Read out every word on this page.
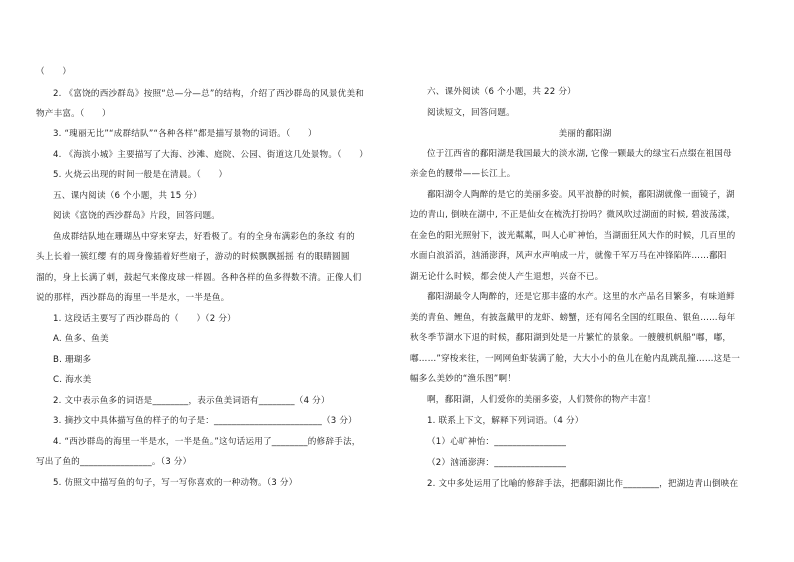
（　　）
2. 《富饶的西沙群岛》按照“总—分—总”的结构，介绍了西沙群岛的风景优美和
物产丰富。（　　）
3. “瑰丽无比”“成群结队”“各种各样”都是描写景物的词语。（　　）
4. 《海滨小城》主要描写了大海、沙滩、庭院、公园、街道这几处景物。（　　）
5. 火烧云出现的时间一般是在清晨。（　　）
五、课内阅读（6 个小题，共 15 分）
阅读《富饶的西沙群岛》片段，回答问题。
鱼成群结队地在珊瑚丛中穿来穿去，好看极了。有的全身布满彩色的条纹 有的
头上长着一簇红缨 有的周身像插着好些扇子，游动的时候飘飘摇摇 有的眼睛圆圆
溜的，身上长满了刺，鼓起气来像皮球一样圆。各种各样的鱼多得数不清。正像人们
说的那样，西沙群岛的海里一半是水，一半是鱼。
1. 这段话主要写了西沙群岛的（　　）（2 分）
A. 鱼多、鱼美
B. 珊瑚多
C. 海水美
2. 文中表示鱼多的词语是________，表示鱼美词语有________（4 分）
3. 摘抄文中具体描写鱼的样子的句子是：________________________（3 分）
4. “西沙群岛的海里一半是水，一半是鱼。”这句话运用了________的修辞手法，
写出了鱼的________________。（3 分）
5. 仿照文中描写鱼的句子，写一写你喜欢的一种动物。（3 分）
六、课外阅读（6 个小题，共 22 分）
阅读短文，回答问题。
美丽的鄱阳湖
位于江西省的鄱阳湖是我国最大的淡水湖, 它像一颗最大的绿宝石点缀在祖国母
亲金色的腰带——长江上。
鄱阳湖令人陶醉的是它的美丽多姿。风平浪静的时候，鄱阳湖就像一面镜子，湖
边的青山, 倒映在湖中, 不正是仙女在梳洗打扮吗？微风吹过湖面的时候, 碧波荡漾，
在金色的阳光照射下，波光粼粼，叫人心旷神怡，当湖面狂风大作的时候，几百里的
水面白浪滔滔，汹涌澎湃，风声水声响成一片，就像千军万马在冲锋陷阵……鄱阳
湖无论什么时候，都会使人产生退想，兴奋不已。
鄱阳湖最令人陶醉的，还是它那丰盛的水产。这里的水产品名目繁多，有味道鲜
美的青鱼、鲤鱼，有披盔戴甲的龙虾、螃蟹，还有闻名全国的红眼鱼、银鱼……每年
秋冬季节湖水下退的时候，鄱阳湖到处是一片繁忙的景象。一艘艘机帆船“嘟，嘟，
嘟……”穿梭来往，一网网鱼虾装满了舱，大大小小的鱼儿在舱内乱跳乱撞……这是一
幅多么美妙的“渔乐图”啊！
啊，鄱阳湖，人们爱你的美丽多姿，人们赞你的物产丰富！
1. 联系上下文，解释下列词语。（4 分）
（1）心旷神怡：________________
（2）汹涌澎湃：________________
2. 文中多处运用了比喻的修辞手法，把鄱阳湖比作________，把湖边青山倒映在
